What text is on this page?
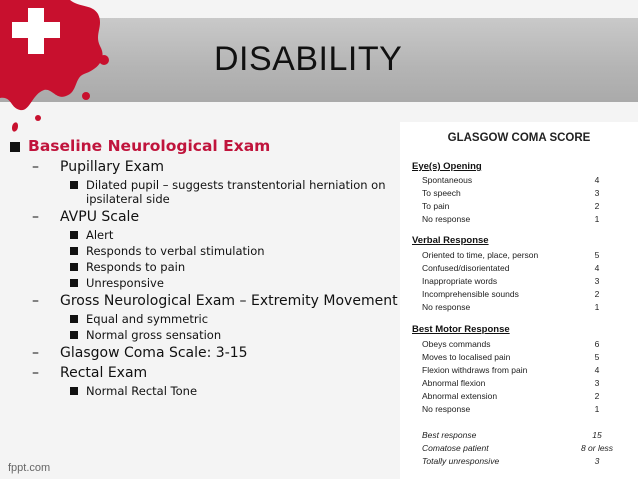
DISABILITY
Baseline Neurological Exam
–	Pupillary Exam
Dilated pupil – suggests transtentorial herniation on ipsilateral side
–	AVPU Scale
Alert
Responds to verbal stimulation
Responds to pain
Unresponsive
–	Gross Neurological Exam – Extremity Movement
Equal and symmetric
Normal gross sensation
–	Glasgow Coma Scale: 3-15
–	Rectal Exam
Normal Rectal Tone
GLASGOW COMA SCORE
Eye(s) Opening
Spontaneous	4
To speech	3
To pain	2
No response	1
Verbal Response
Oriented to time, place, person	5
Confused/disorientated	4
Inappropriate words	3
Incomprehensible sounds	2
No response	1
Best Motor Response
Obeys commands	6
Moves to localised pain	5
Flexion withdraws from pain	4
Abnormal flexion	3
Abnormal extension	2
No response	1
Best response	15
Comatose patient	8 or less
Totally unresponsive	3
fppt.com
